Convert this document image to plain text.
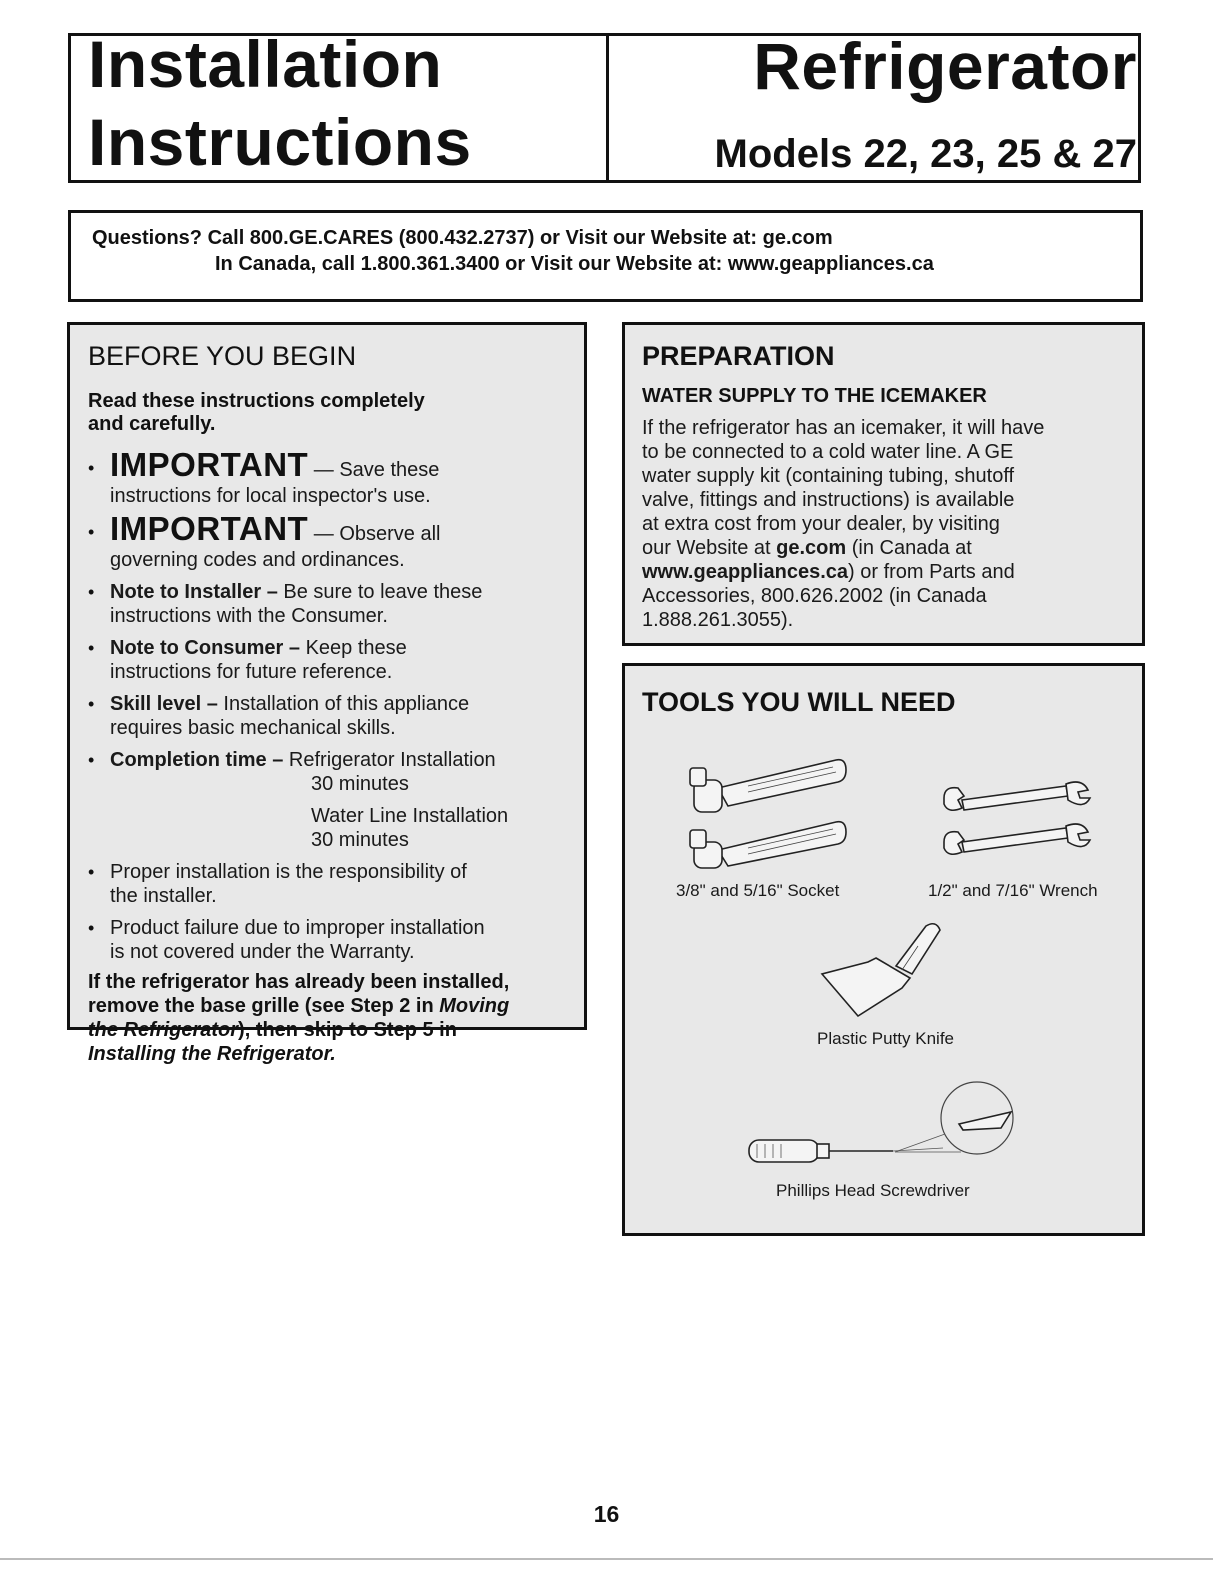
Installation
Instructions
Refrigerator
Models 22, 23, 25 & 27
Questions? Call 800.GE.CARES (800.432.2737) or Visit our Website at: ge.com
In Canada, call 1.800.361.3400 or Visit our Website at: www.geappliances.ca
BEFORE YOU BEGIN
Read these instructions completely
and carefully.
• IMPORTANT — Save these
instructions for local inspector's use.
• IMPORTANT — Observe all
governing codes and ordinances.
• Note to Installer – Be sure to leave these
instructions with the Consumer.
• Note to Consumer – Keep these
instructions for future reference.
• Skill level – Installation of this appliance
requires basic mechanical skills.
• Completion time – Refrigerator Installation
30 minutes
Water Line Installation
30 minutes
• Proper installation is the responsibility of
the installer.
• Product failure due to improper installation
is not covered under the Warranty.
If the refrigerator has already been installed,
remove the base grille (see Step 2 in Moving
the Refrigerator), then skip to Step 5 in
Installing the Refrigerator.
PREPARATION
WATER SUPPLY TO THE ICEMAKER
If the refrigerator has an icemaker, it will have
to be connected to a cold water line. A GE
water supply kit (containing tubing, shutoff
valve, fittings and instructions) is available
at extra cost from your dealer, by visiting
our Website at ge.com (in Canada at
www.geappliances.ca) or from Parts and
Accessories, 800.626.2002 (in Canada
1.888.261.3055).
TOOLS YOU WILL NEED
3/8" and 5/16" Socket	1/2" and 7/16" Wrench
Plastic Putty Knife
Phillips Head Screwdriver
16
